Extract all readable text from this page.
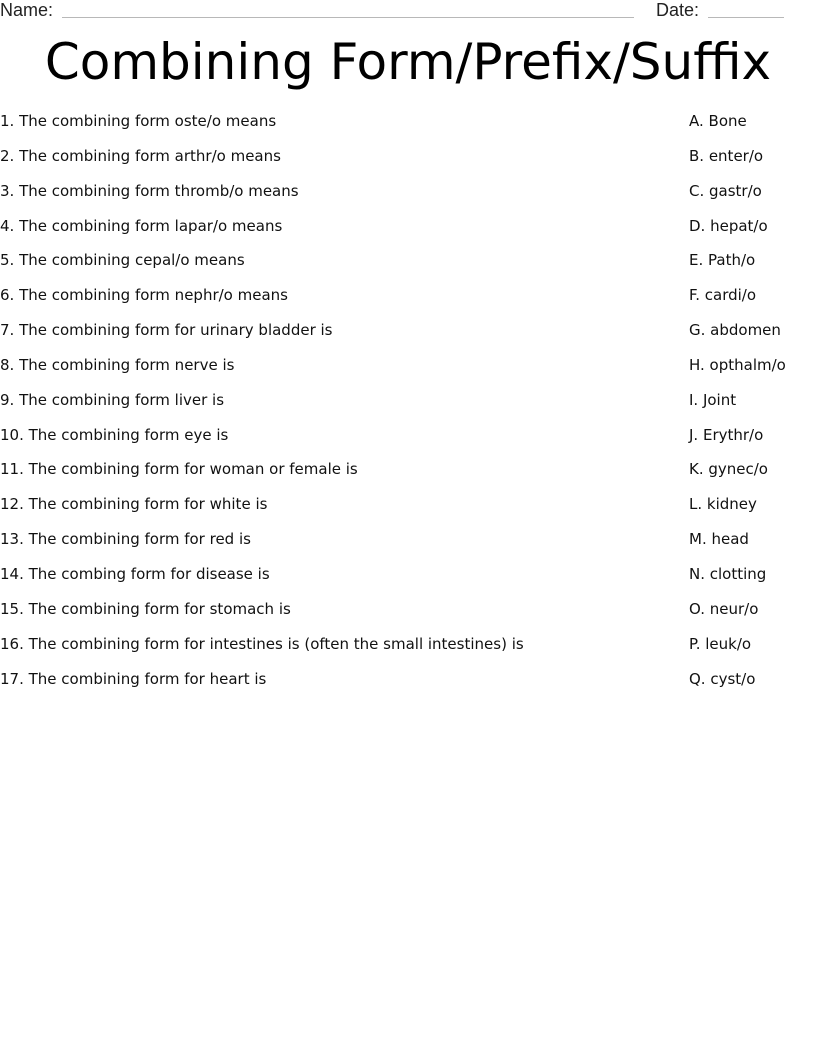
Name:	Date:
Combining Form/Prefix/Suffix
1. The combining form oste/o means
2. The combining form arthr/o means
3. The combining form thromb/o means
4. The combining form lapar/o means
5. The combining cepal/o means
6. The combining form nephr/o means
7. The combining form for urinary bladder is
8. The combining form nerve is
9. The combining form liver is
10. The combining form eye is
11. The combining form for woman or female is
12. The combining form for white is
13. The combining form for red is
14. The combing form for disease is
15. The combining form for stomach is
16. The combining form for intestines is (often the small intestines) is
17. The combining form for heart is
A. Bone
B. enter/o
C. gastr/o
D. hepat/o
E. Path/o
F. cardi/o
G. abdomen
H. opthalm/o
I. Joint
J. Erythr/o
K. gynec/o
L. kidney
M. head
N. clotting
O. neur/o
P. leuk/o
Q. cyst/o
